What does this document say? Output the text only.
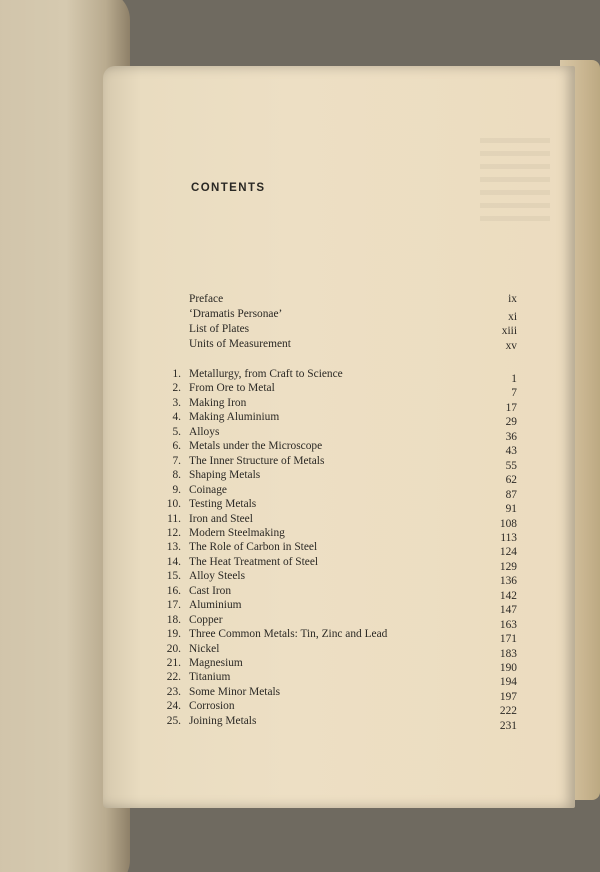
CONTENTS
Preface	ix
‘Dramatis Personae’	xi
List of Plates	xiii
Units of Measurement	xv
1. Metallurgy, from Craft to Science	1
2. From Ore to Metal	7
3. Making Iron	17
4. Making Aluminium	29
5. Alloys	36
6. Metals under the Microscope	43
7. The Inner Structure of Metals	55
8. Shaping Metals	62
9. Coinage	87
10. Testing Metals	91
11. Iron and Steel	108
12. Modern Steelmaking	113
13. The Role of Carbon in Steel	124
14. The Heat Treatment of Steel	129
15. Alloy Steels	136
16. Cast Iron	142
17. Aluminium	147
18. Copper	163
19. Three Common Metals: Tin, Zinc and Lead	171
20. Nickel	183
21. Magnesium	190
22. Titanium	194
23. Some Minor Metals	197
24. Corrosion	222
25. Joining Metals	231
